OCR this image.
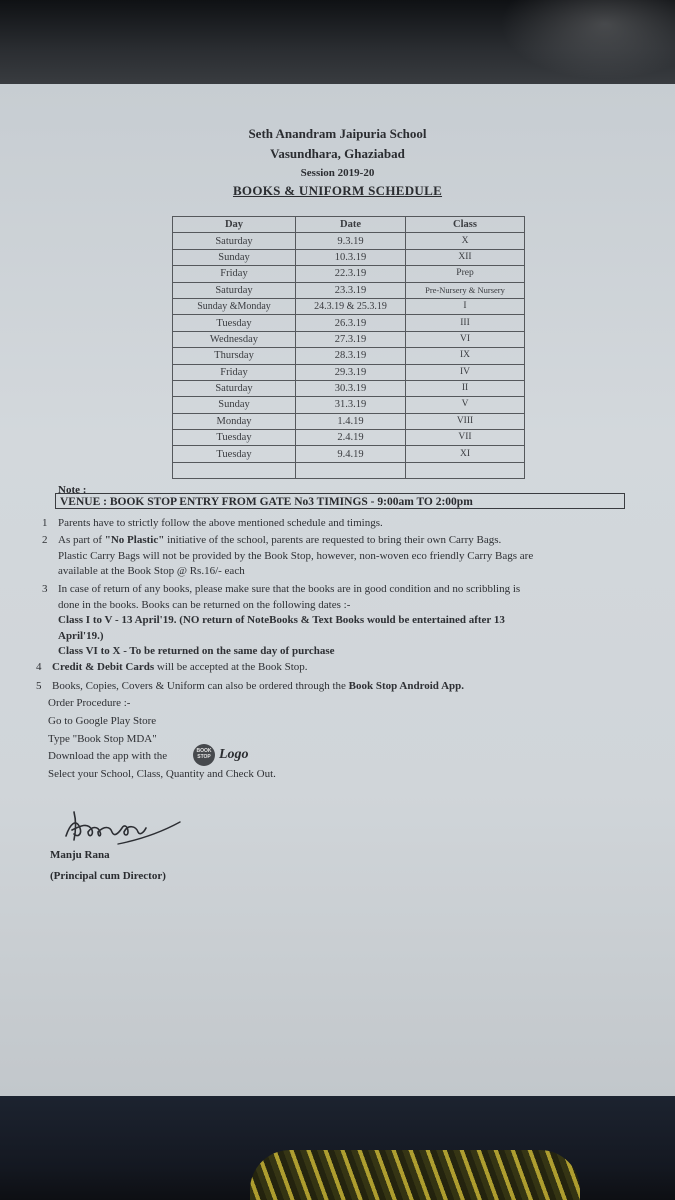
Seth Anandram Jaipuria School
Vasundhara, Ghaziabad
Session 2019-20
BOOKS & UNIFORM SCHEDULE
Day	Date	Class
Saturday	9.3.19	X
Sunday	10.3.19	XII
Friday	22.3.19	Prep
Saturday	23.3.19	Pre-Nursery & Nursery
Sunday &Monday	24.3.19 & 25.3.19	I
Tuesday	26.3.19	III
Wednesday	27.3.19	VI
Thursday	28.3.19	IX
Friday	29.3.19	IV
Saturday	30.3.19	II
Sunday	31.3.19	V
Monday	1.4.19	VIII
Tuesday	2.4.19	VII
Tuesday	9.4.19	XI

Note :
VENUE : BOOK STOP ENTRY FROM GATE No3 TIMINGS - 9:00am TO 2:00pm
1 Parents have to strictly follow the above mentioned schedule and timings.
2 As part of "No Plastic" initiative of the school, parents are requested to bring their own Carry Bags.
Plastic Carry Bags will not be provided by the Book Stop, however, non-woven eco friendly Carry Bags are
available at the Book Stop @ Rs.16/- each
3 In case of return of any books, please make sure that the books are in good condition and no scribbling is
done in the books. Books can be returned on the following dates :-
Class I to V - 13 April'19. (NO return of NoteBooks & Text Books would be entertained after 13
April'19.)
Class VI to X - To be returned on the same day of purchase
4 Credit & Debit Cards will be accepted at the Book Stop.
5 Books, Copies, Covers & Uniform can also be ordered through the Book Stop Android App.
Order Procedure :-
Go to Google Play Store
Type "Book Stop MDA"
Download the app with the	BOOK STOP Logo
Select your School, Class, Quantity and Check Out.
Manju Rana
(Principal cum Director)
